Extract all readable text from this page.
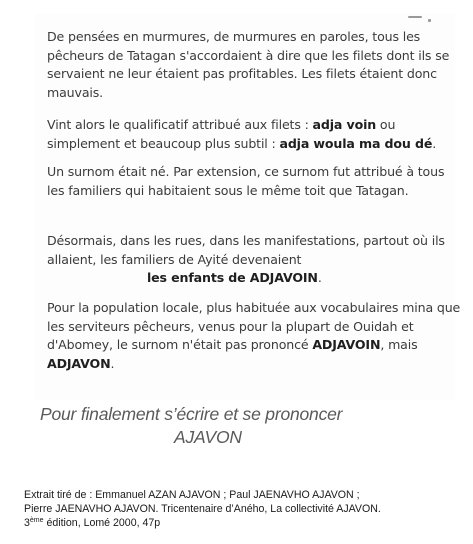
De pensées en murmures, de murmures en paroles, tous les pêcheurs de Tatagan s'accordaient à dire que les filets dont ils se servaient ne leur étaient pas profitables. Les filets étaient donc mauvais.
Vint alors le qualificatif attribué aux filets : adja voin ou simplement et beaucoup plus subtil : adja woula ma dou dé.
Un surnom était né. Par extension, ce surnom fut attribué à tous les familiers qui habitaient sous le même toit que Tatagan.
Désormais, dans les rues, dans les manifestations, partout où ils allaient, les familiers de Ayité devenaient
les enfants de ADJAVOIN.
Pour la population locale, plus habituée aux vocabulaires mina que les serviteurs pêcheurs, venus pour la plupart de Ouidah et d'Abomey, le surnom n'était pas prononcé ADJAVOIN, mais ADJAVON.
Pour finalement s’écrire et se prononcer
AJAVON
Extrait tiré de : Emmanuel AZAN AJAVON ; Paul JAENAVHO AJAVON ;
Pierre JAENAVHO AJAVON. Tricentenaire d’Aného, La collectivité AJAVON.
3ème édition, Lomé 2000, 47p
